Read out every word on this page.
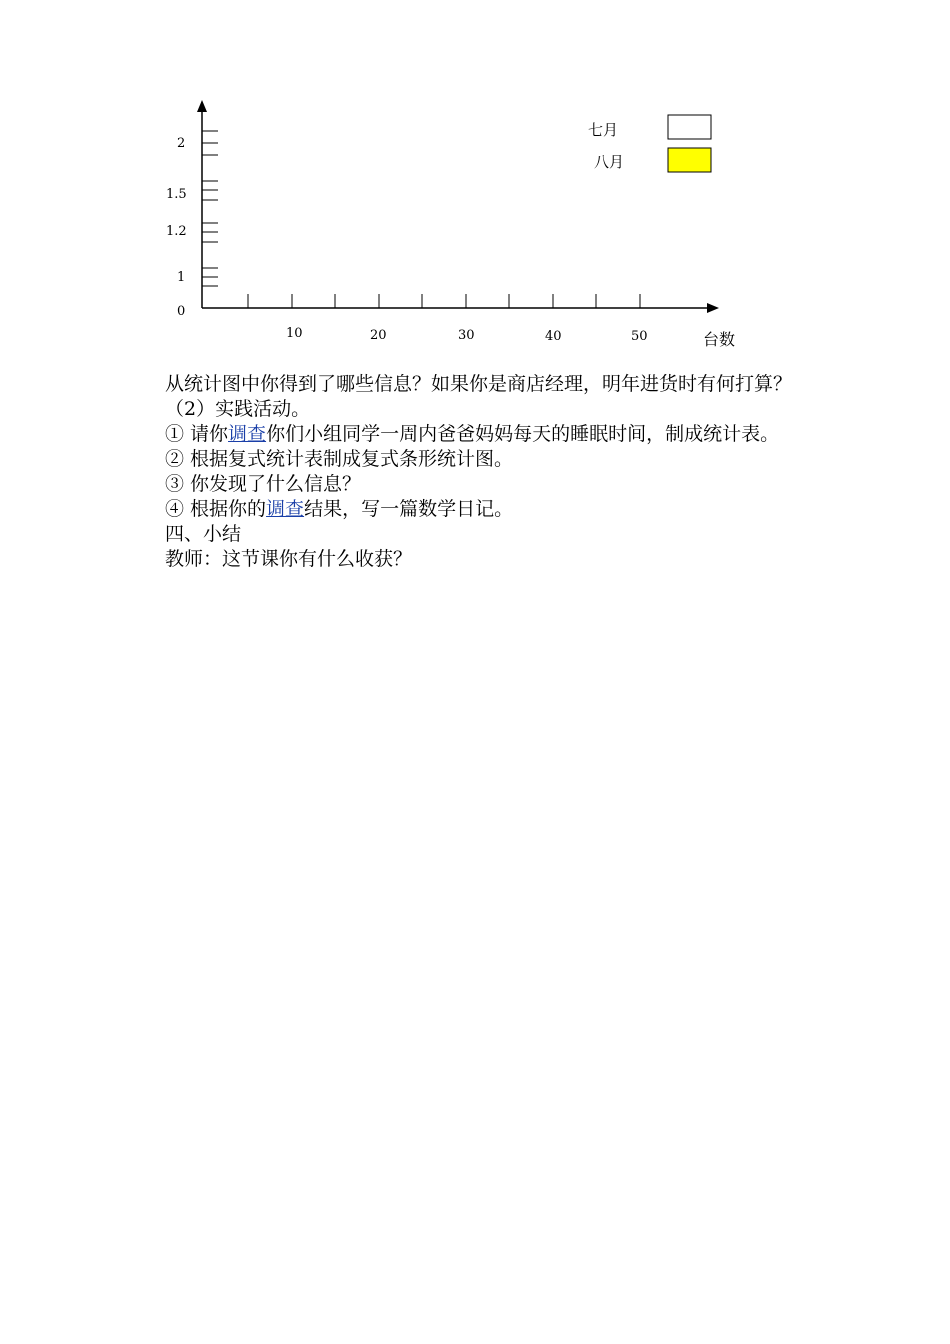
2
1.5
1.2
1
0
10	20	30	40	50	台数
七月
八月

从统计图中你得到了哪些信息？如果你是商店经理，明年进货时有何打算？

（2）实践活动。

① 请你调查你们小组同学一周内爸爸妈妈每天的睡眠时间，制成统计表。

② 根据复式统计表制成复式条形统计图。

③ 你发现了什么信息？

④ 根据你的调查结果，写一篇数学日记。

四、小结

教师：这节课你有什么收获？
